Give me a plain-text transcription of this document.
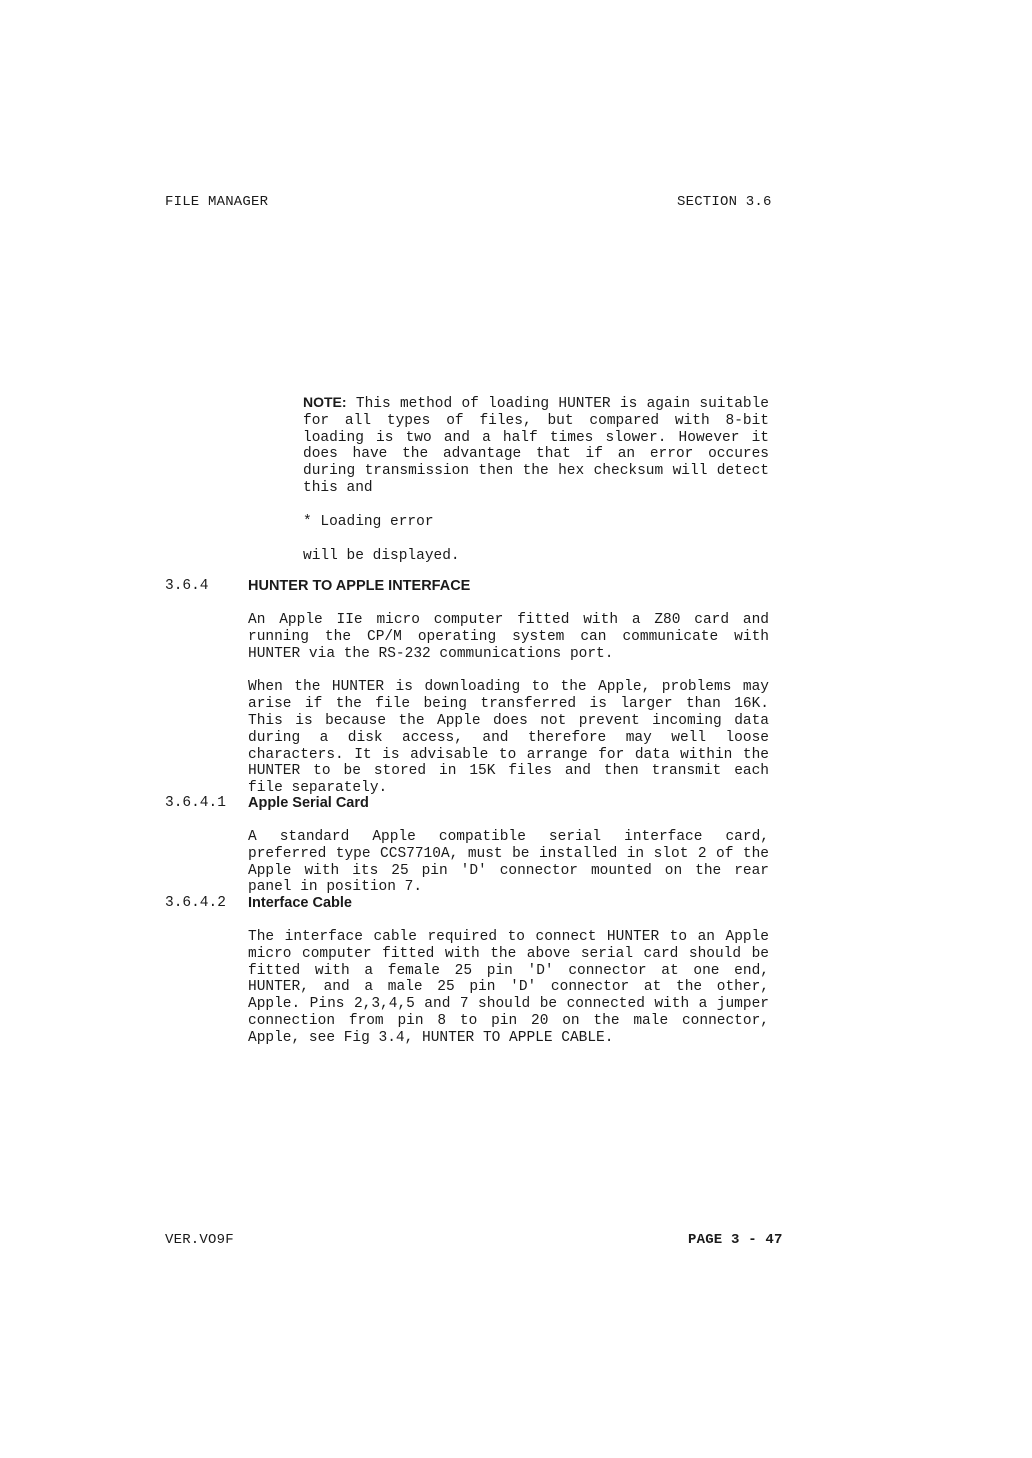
FILE MANAGER	SECTION 3.6

NOTE: This method of loading HUNTER is again suitable for all types of files, but compared with 8-bit loading is two and a half times slower. However it does have the advantage that if an error occures during transmission then the hex checksum will detect this and

* Loading error

will be displayed.

3.6.4	HUNTER TO APPLE INTERFACE

An Apple IIe micro computer fitted with a Z80 card and running the CP/M operating system can communicate with HUNTER via the RS-232 communications port.

When the HUNTER is downloading to the Apple, problems may arise if the file being transferred is larger than 16K. This is because the Apple does not prevent incoming data during a disk access, and therefore may well loose characters. It is advisable to arrange for data within the HUNTER to be stored in 15K files and then transmit each file separately.

3.6.4.1 Apple Serial Card

A standard Apple compatible serial interface card, preferred type CCS7710A, must be installed in slot 2 of the Apple with its 25 pin 'D' connector mounted on the rear panel in position 7.

3.6.4.2 Interface Cable

The interface cable required to connect HUNTER to an Apple micro computer fitted with the above serial card should be fitted with a female 25 pin 'D' connector at one end, HUNTER, and a male 25 pin 'D' connector at the other, Apple. Pins 2,3,4,5 and 7 should be connected with a jumper connection from pin 8 to pin 20 on the male connector, Apple, see Fig 3.4, HUNTER TO APPLE CABLE.

VER.VO9F	PAGE 3 - 47
